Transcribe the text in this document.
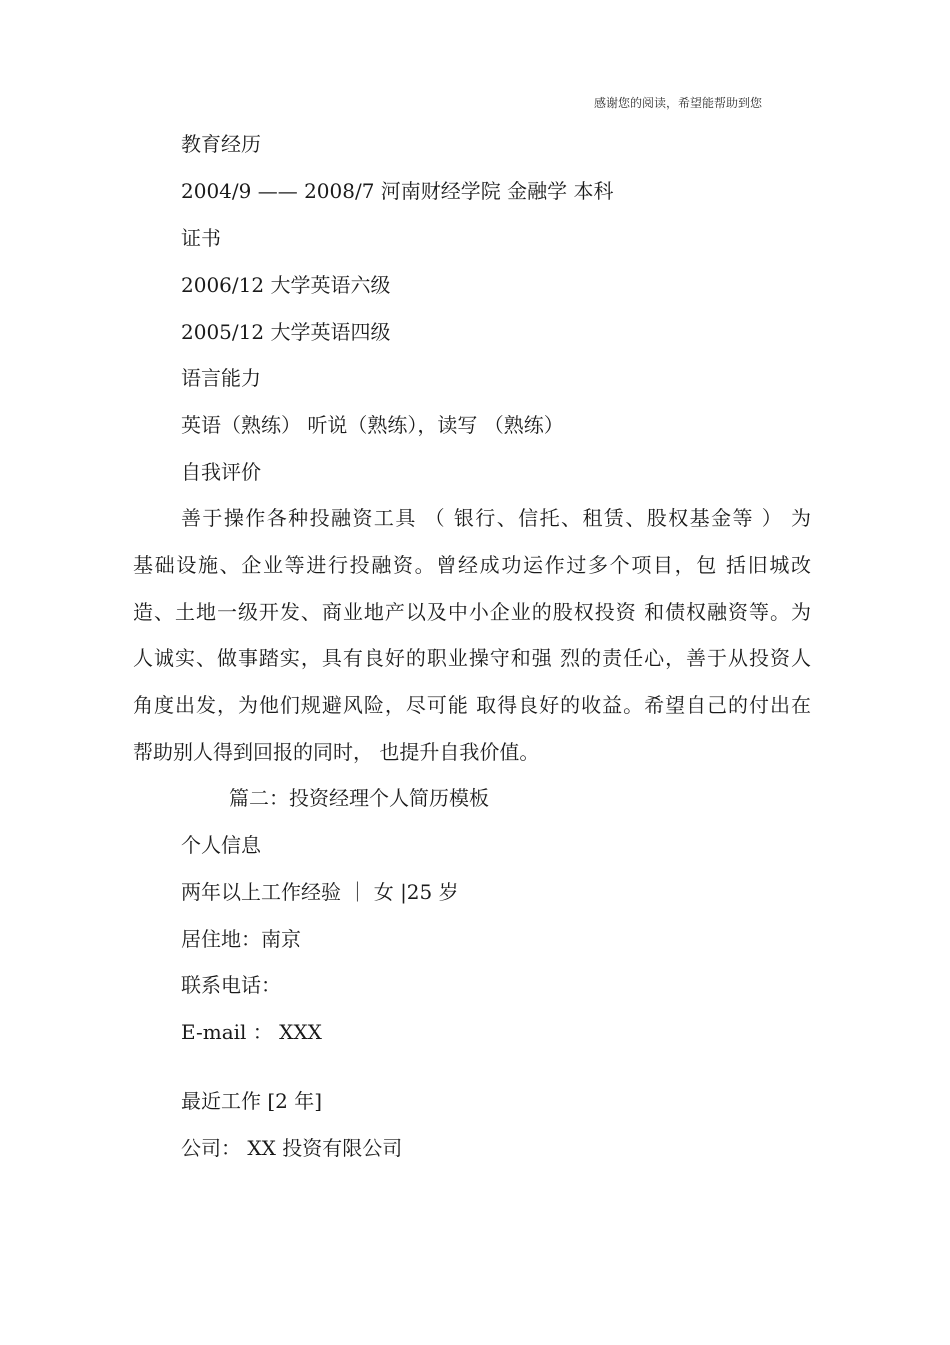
感谢您的阅读，希望能帮助到您
教育经历
2004/9 —— 2008/7 河南财经学院 金融学 本科
证书
2006/12 大学英语六级
2005/12 大学英语四级
语言能力
英语（熟练） 听说（熟练），读写 （熟练）
自我评价
善于操作各种投融资工具 （ 银行、信托、租赁、股权基金等 ） 为
基础设施、企业等进行投融资。曾经成功运作过多个项目，包 括旧城改
造、土地一级开发、商业地产以及中小企业的股权投资 和债权融资等。为
人诚实、做事踏实，具有良好的职业操守和强 烈的责任心，善于从投资人
角度出发，为他们规避风险，尽可能 取得良好的收益。希望自己的付出在
帮助别人得到回报的同时， 也提升自我价值。
篇二：投资经理个人简历模板
个人信息
两年以上工作经验 ｜ 女 |25 岁
居住地：南京
联系电话：
E-mail ： XXX
最近工作 [2 年]
公司： XX 投资有限公司
